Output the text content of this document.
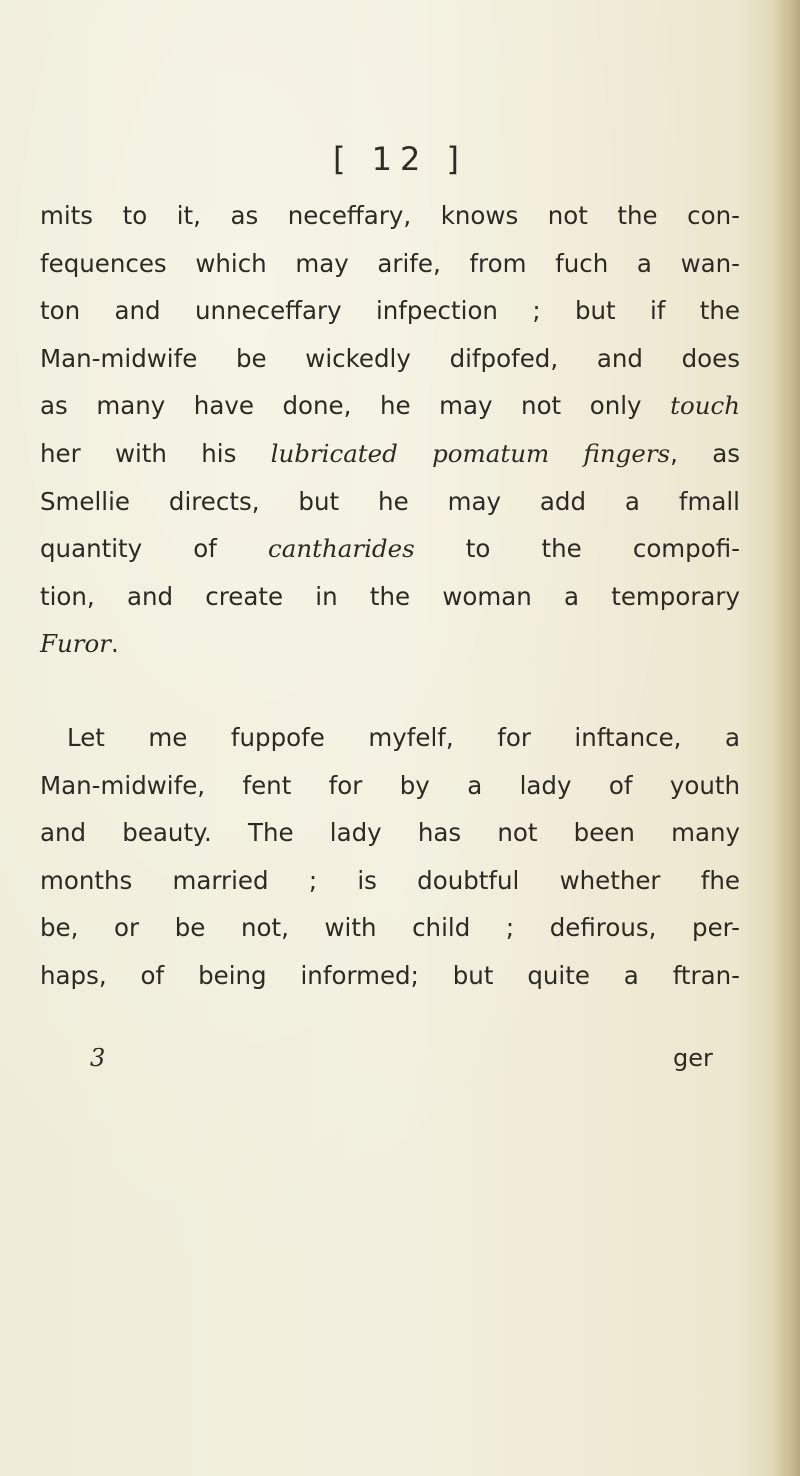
[ 12 ]
mits to it, as neceffary, knows not the con-
fequences which may arife, from fuch a wan-
ton and unneceffary infpection ; but if the
Man-midwife be wickedly difpofed, and does
as many have done, he may not only touch
her with his lubricated pomatum fingers, as
Smellie directs, but he may add a fmall
quantity of cantharides to the compofi-
tion, and create in the woman a temporary
Furor.
Let me fuppofe myfelf, for inftance, a
Man-midwife, fent for by a lady of youth
and beauty. The lady has not been many
months married ; is doubtful whether fhe
be, or be not, with child ; defirous, per-
haps, of being informed; but quite a ftran-
3	ger
